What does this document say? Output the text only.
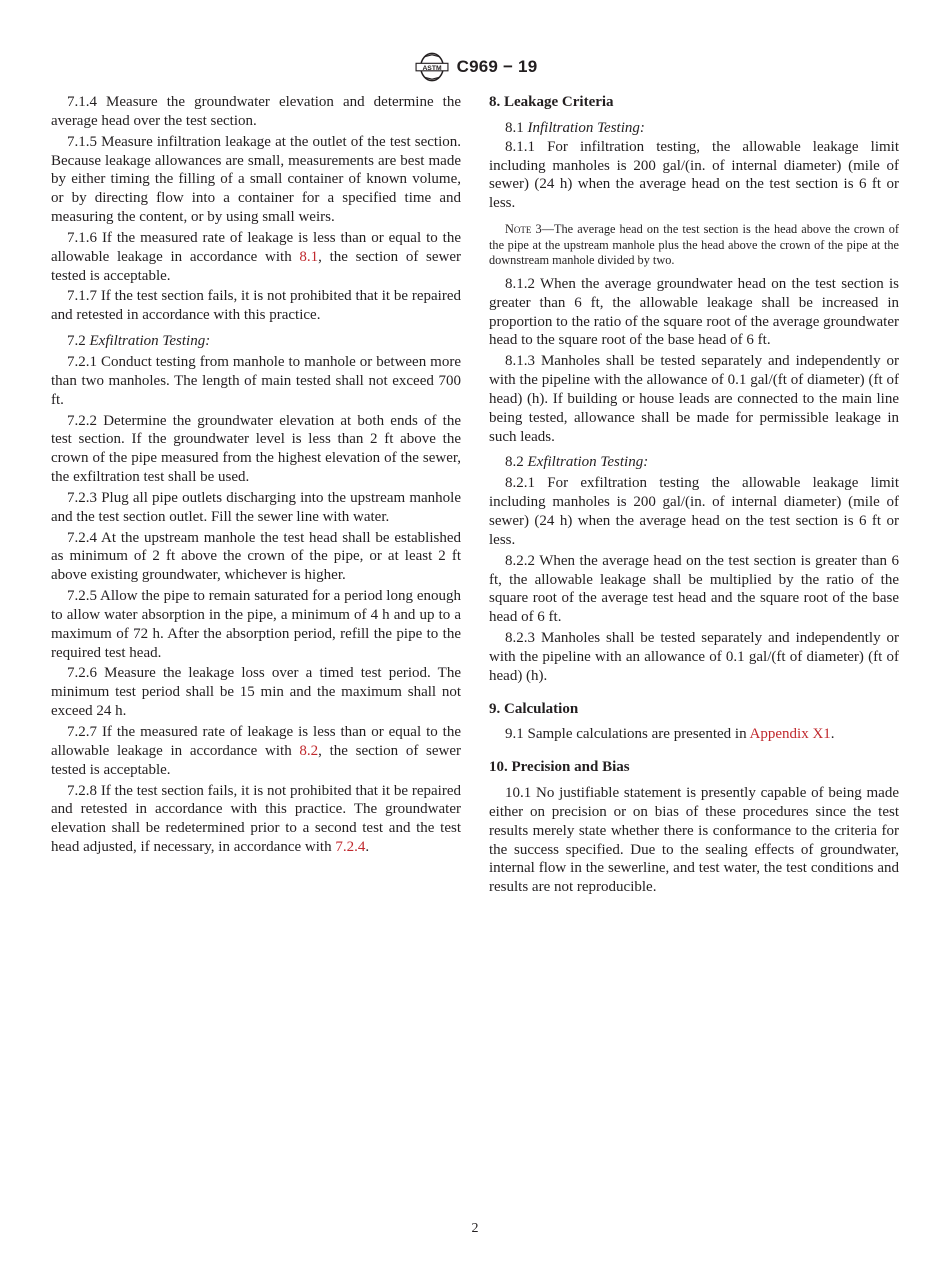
ASTM C969 − 19

7.1.4 Measure the groundwater elevation and determine the average head over the test section.

7.1.5 Measure infiltration leakage at the outlet of the test section. Because leakage allowances are small, measurements are best made by either timing the filling of a small container of known volume, or by directing flow into a container for a specified time and measuring the content, or by using small weirs.

7.1.6 If the measured rate of leakage is less than or equal to the allowable leakage in accordance with 8.1, the section of sewer tested is acceptable.

7.1.7 If the test section fails, it is not prohibited that it be repaired and retested in accordance with this practice.

7.2 Exfiltration Testing:

7.2.1 Conduct testing from manhole to manhole or between more than two manholes. The length of main tested shall not exceed 700 ft.

7.2.2 Determine the groundwater elevation at both ends of the test section. If the groundwater level is less than 2 ft above the crown of the pipe measured from the highest elevation of the sewer, the exfiltration test shall be used.

7.2.3 Plug all pipe outlets discharging into the upstream manhole and the test section outlet. Fill the sewer line with water.

7.2.4 At the upstream manhole the test head shall be established as minimum of 2 ft above the crown of the pipe, or at least 2 ft above existing groundwater, whichever is higher.

7.2.5 Allow the pipe to remain saturated for a period long enough to allow water absorption in the pipe, a minimum of 4 h and up to a maximum of 72 h. After the absorption period, refill the pipe to the required test head.

7.2.6 Measure the leakage loss over a timed test period. The minimum test period shall be 15 min and the maximum shall not exceed 24 h.

7.2.7 If the measured rate of leakage is less than or equal to the allowable leakage in accordance with 8.2, the section of sewer tested is acceptable.

7.2.8 If the test section fails, it is not prohibited that it be repaired and retested in accordance with this practice. The groundwater elevation shall be redetermined prior to a second test and the test head adjusted, if necessary, in accordance with 7.2.4.

8. Leakage Criteria

8.1 Infiltration Testing:

8.1.1 For infiltration testing, the allowable leakage limit including manholes is 200 gal/(in. of internal diameter) (mile of sewer) (24 h) when the average head on the test section is 6 ft or less.

Note 3—The average head on the test section is the head above the crown of the pipe at the upstream manhole plus the head above the crown of the pipe at the downstream manhole divided by two.

8.1.2 When the average groundwater head on the test section is greater than 6 ft, the allowable leakage shall be increased in proportion to the ratio of the square root of the average groundwater head to the square root of the base head of 6 ft.

8.1.3 Manholes shall be tested separately and independently or with the pipeline with the allowance of 0.1 gal/(ft of diameter) (ft of head) (h). If building or house leads are connected to the main line being tested, allowance shall be made for permissible leakage in such leads.

8.2 Exfiltration Testing:

8.2.1 For exfiltration testing the allowable leakage limit including manholes is 200 gal/(in. of internal diameter) (mile of sewer) (24 h) when the average head on the test section is 6 ft or less.

8.2.2 When the average head on the test section is greater than 6 ft, the allowable leakage shall be multiplied by the ratio of the square root of the average test head and the square root of the base head of 6 ft.

8.2.3 Manholes shall be tested separately and independently or with the pipeline with an allowance of 0.1 gal/(ft of diameter) (ft of head) (h).

9. Calculation

9.1 Sample calculations are presented in Appendix X1.

10. Precision and Bias

10.1 No justifiable statement is presently capable of being made either on precision or on bias of these procedures since the test results merely state whether there is conformance to the criteria for the success specified. Due to the sealing effects of groundwater, internal flow in the sewerline, and test water, the test conditions and results are not reproducible.

2
